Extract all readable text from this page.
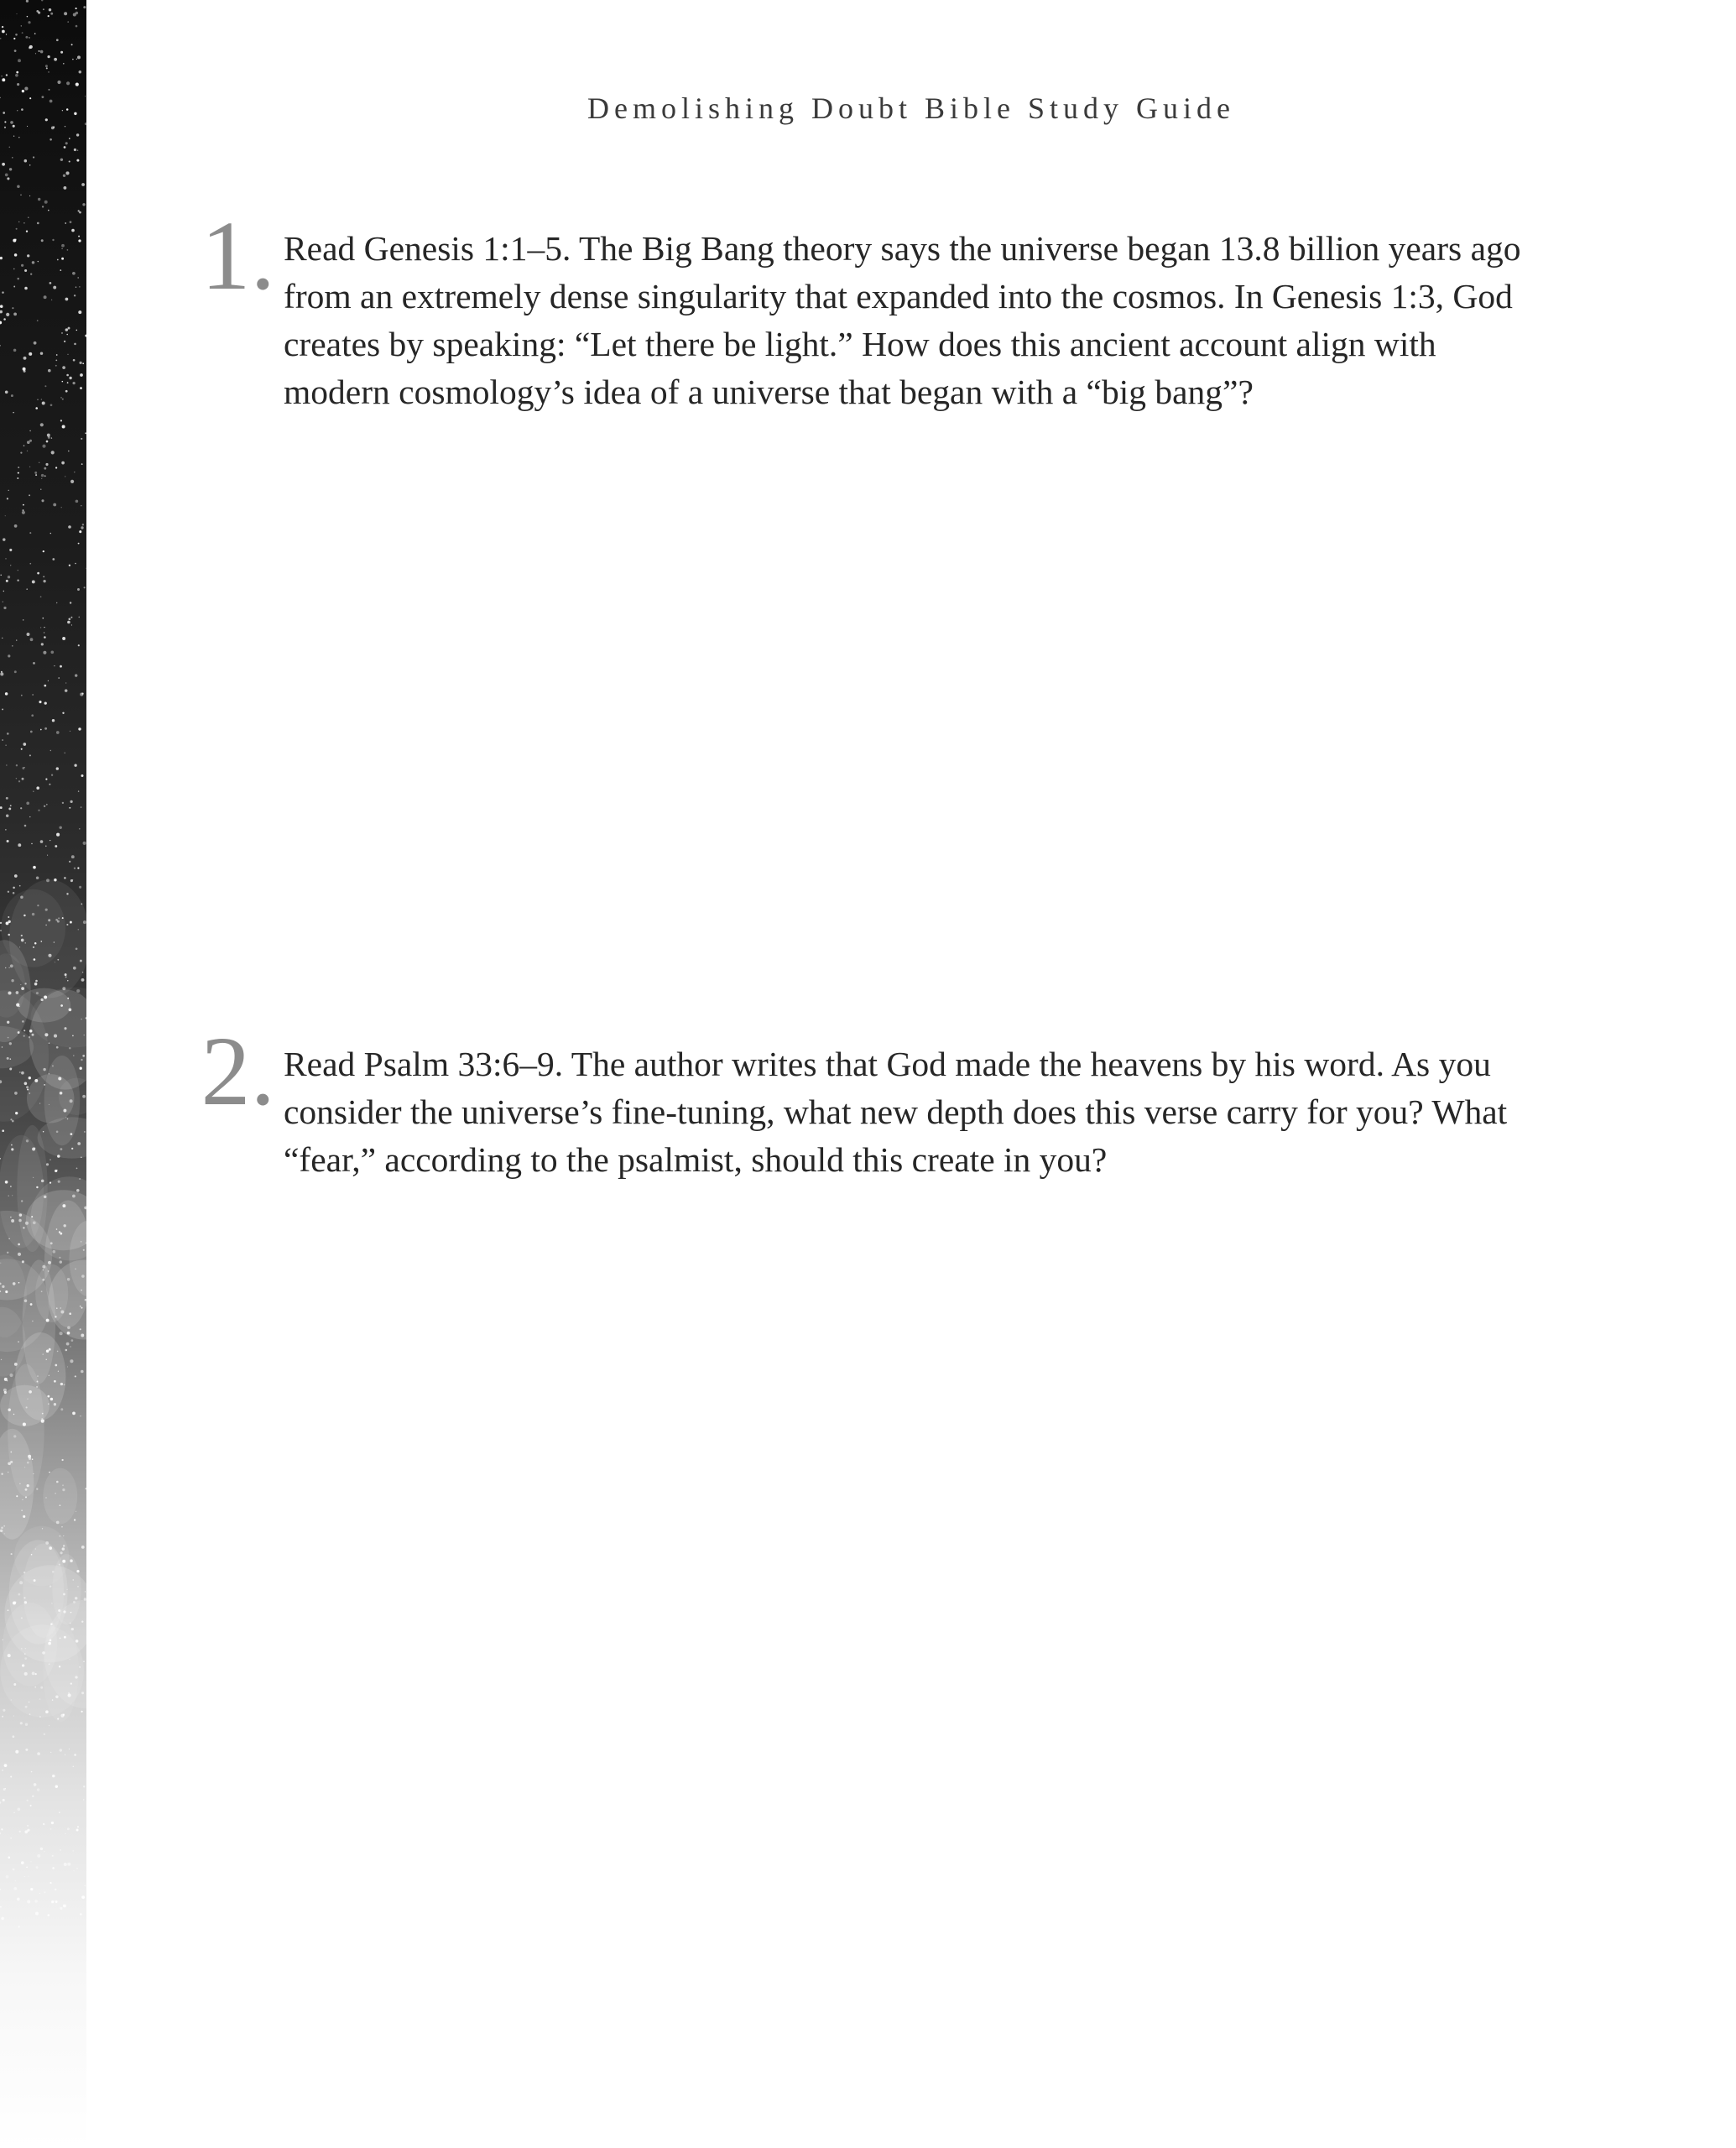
Demolishing Doubt Bible Study Guide
1. Read Genesis 1:1–5. The Big Bang theory says the universe began 13.8 billion years ago from an extremely dense singularity that expanded into the cosmos. In Genesis 1:3, God creates by speaking: “Let there be light.” How does this ancient account align with modern cosmology’s idea of a universe that began with a “big bang”?
2. Read Psalm 33:6–9. The author writes that God made the heavens by his word. As you consider the universe’s fine-tuning, what new depth does this verse carry for you? What “fear,” according to the psalmist, should this create in you?
